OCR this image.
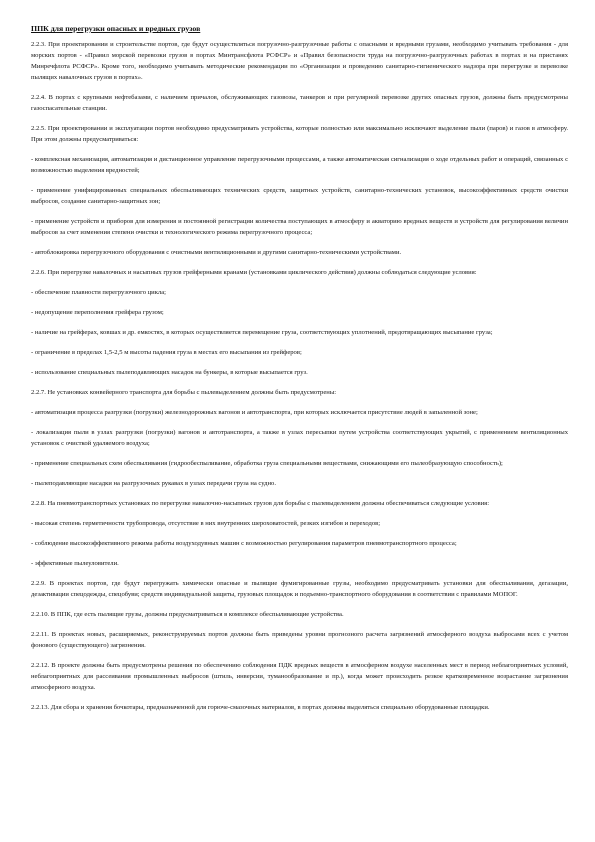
ППК для перегрузки опасных и вредных грузов

2.2.3. При проектировании и строительстве портов, где будут осуществляться погрузочно-разгрузочные работы с опасными и вредными грузами, необходимо учитывать требования - для морских портов - «Правил морской перевозки грузов в портах Минтрансфлота РСФСР» и «Правил безопасности труда на погрузочно-разгрузочных работах в портах и на пристанях Минречфлота РСФСР». Кроме того, необходимо учитывать методические рекомендации по «Организации и проведению санитарно-гигиенического надзора при перегрузке и перевозке пылящих навалочных грузов в портах».

2.2.4. В портах с крупными нефтебазами, с наличием причалов, обслуживающих газовозы, танкеров и при регулярной перевозке других опасных грузов, должны быть предусмотрены газоспасательные станции.

2.2.5. При проектировании и эксплуатации портов необходимо предусматривать устройства, которые полностью или максимально исключают выделение пыли (паров) и газов в атмосферу. При этом должны предусматриваться:

- комплексная механизация, автоматизация и дистанционное управление перегрузочными процессами, а также автоматическая сигнализация о ходе отдельных работ и операций, связанных с возможностью выделения вредностей;

- применение унифицированных специальных обеспыливающих технических средств, защитных устройств, санитарно-технических установок, высокоэффективных средств очистки выбросов, создание санитарно-защитных зон;

- применение устройств и приборов для измерения и постоянной регистрации количества поступающих в атмосферу и акваторию вредных веществ и устройств для регулирования величин выбросов за счет изменения степени очистки и технологического режима перегрузочного процесса;

- автоблокировка перегрузочного оборудования с очистными вентиляционными и другими санитарно-техническими устройствами.

2.2.6. При перегрузке навалочных и насыпных грузов грейферными кранами (установками циклического действия) должны соблюдаться следующие условия:

- обеспечение плавности перегрузочного цикла;

- недопущение переполнения грейфера грузом;

- наличие на грейферах, ковшах и др. емкостях, в которых осуществляется перемещение груза, соответствующих уплотнений, предотвращающих высыпание груза;

- ограничение в пределах 1,5-2,5 м высоты падения груза в местах его высыпания из грейферов;

- использование специальных пылеподавляющих насадок на бункеры, в которые высыпается груз.

2.2.7. Не установках конвейерного транспорта для борьбы с пылевыделением должны быть предусмотрены:

- автоматизация процесса разгрузки (погрузки) железнодорожных вагонов и автотранспорта, при которых исключается присутствие людей в запыленной зоне;

- локализация пыли в узлах разгрузки (погрузки) вагонов и автотранспорта, а также в узлах пересыпки путем устройства соответствующих укрытий, с применением вентиляционных установок с очисткой удаляемого воздуха;

- применение специальных схем обеспыливания (гидрообеспыливание, обработка груза специальными веществами, снижающими его пылеобразующую способность);

- пылеподавляющие насадки на разгрузочных рукавах в узлах передачи груза на судно.

2.2.8. На пневмотранспортных установках по перегрузке навалочно-насыпных грузов для борьбы с пылевыделением должны обеспечиваться следующие условия:

- высокая степень герметичности трубопровода, отсутствие в них внутренних шероховатостей, резких изгибов и переходов;

- соблюдение высокоэффективного режима работы воздуходувных машин с возможностью регулирования параметров пневмотранспортного процесса;

- эффективные пылеуловители.

2.2.9. В проектах портов, где будут перегружать химически опасные и пылящие фумигированные грузы, необходимо предусматривать установки для обеспыливания, дегазации, дезактивации спецодежды, спецобуви; средств индивидуальной защиты, грузовых площадок и подъемно-транспортного оборудования в соответствии с правилами МОПОГ.

2.2.10. В ППК, где есть пылящие грузы, должны предусматриваться в комплексе обеспыливающие устройства.

2.2.11. В проектах новых, расширяемых, реконструируемых портов должны быть приведены уровни прогнозного расчета загрязнений атмосферного воздуха выбросами всех с учетом фонового (существующего) загрязнения.

2.2.12. В проекте должны быть предусмотрены решения по обеспечению соблюдения ПДК вредных веществ в атмосферном воздухе населенных мест в период неблагоприятных условий, неблагоприятных для рассеивания промышленных выбросов (штиль, инверсии, туманообразование и пр.), когда может происходить резкое кратковременное возрастание загрязнения атмосферного воздуха.

2.2.13. Для сбора и хранения бочкотары, предназначенной для горюче-смазочных материалов, в портах должны выделяться специально оборудованные площадки.
